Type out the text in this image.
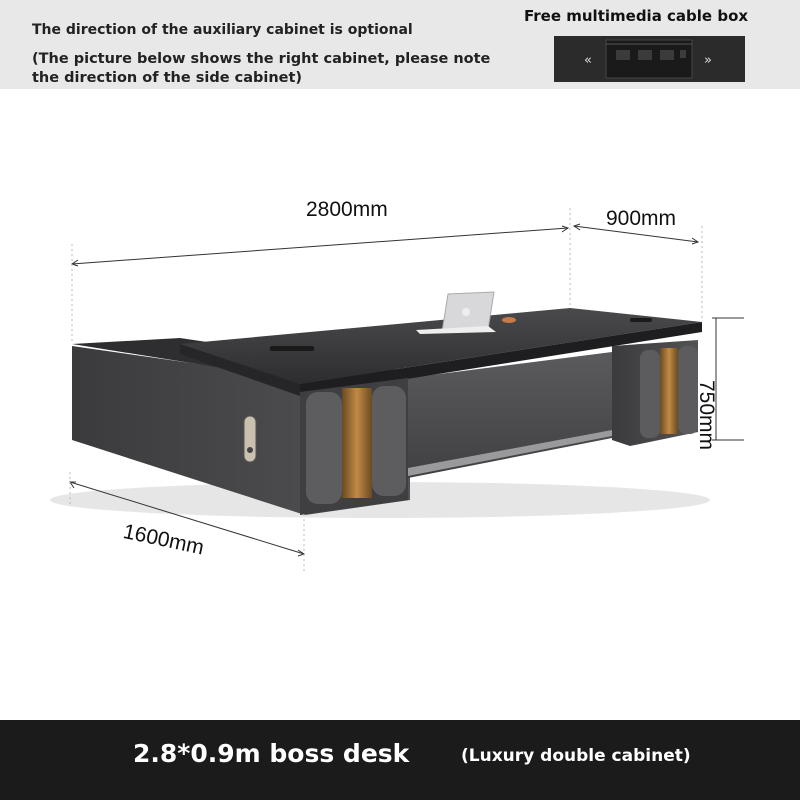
The direction of the auxiliary cabinet is optional
(The picture below shows the right cabinet, please note the direction of the side cabinet)
Free multimedia cable box
«	»
2800mm	900mm
750mm
1600mm
2.8*0.9m boss desk	(Luxury double cabinet)
